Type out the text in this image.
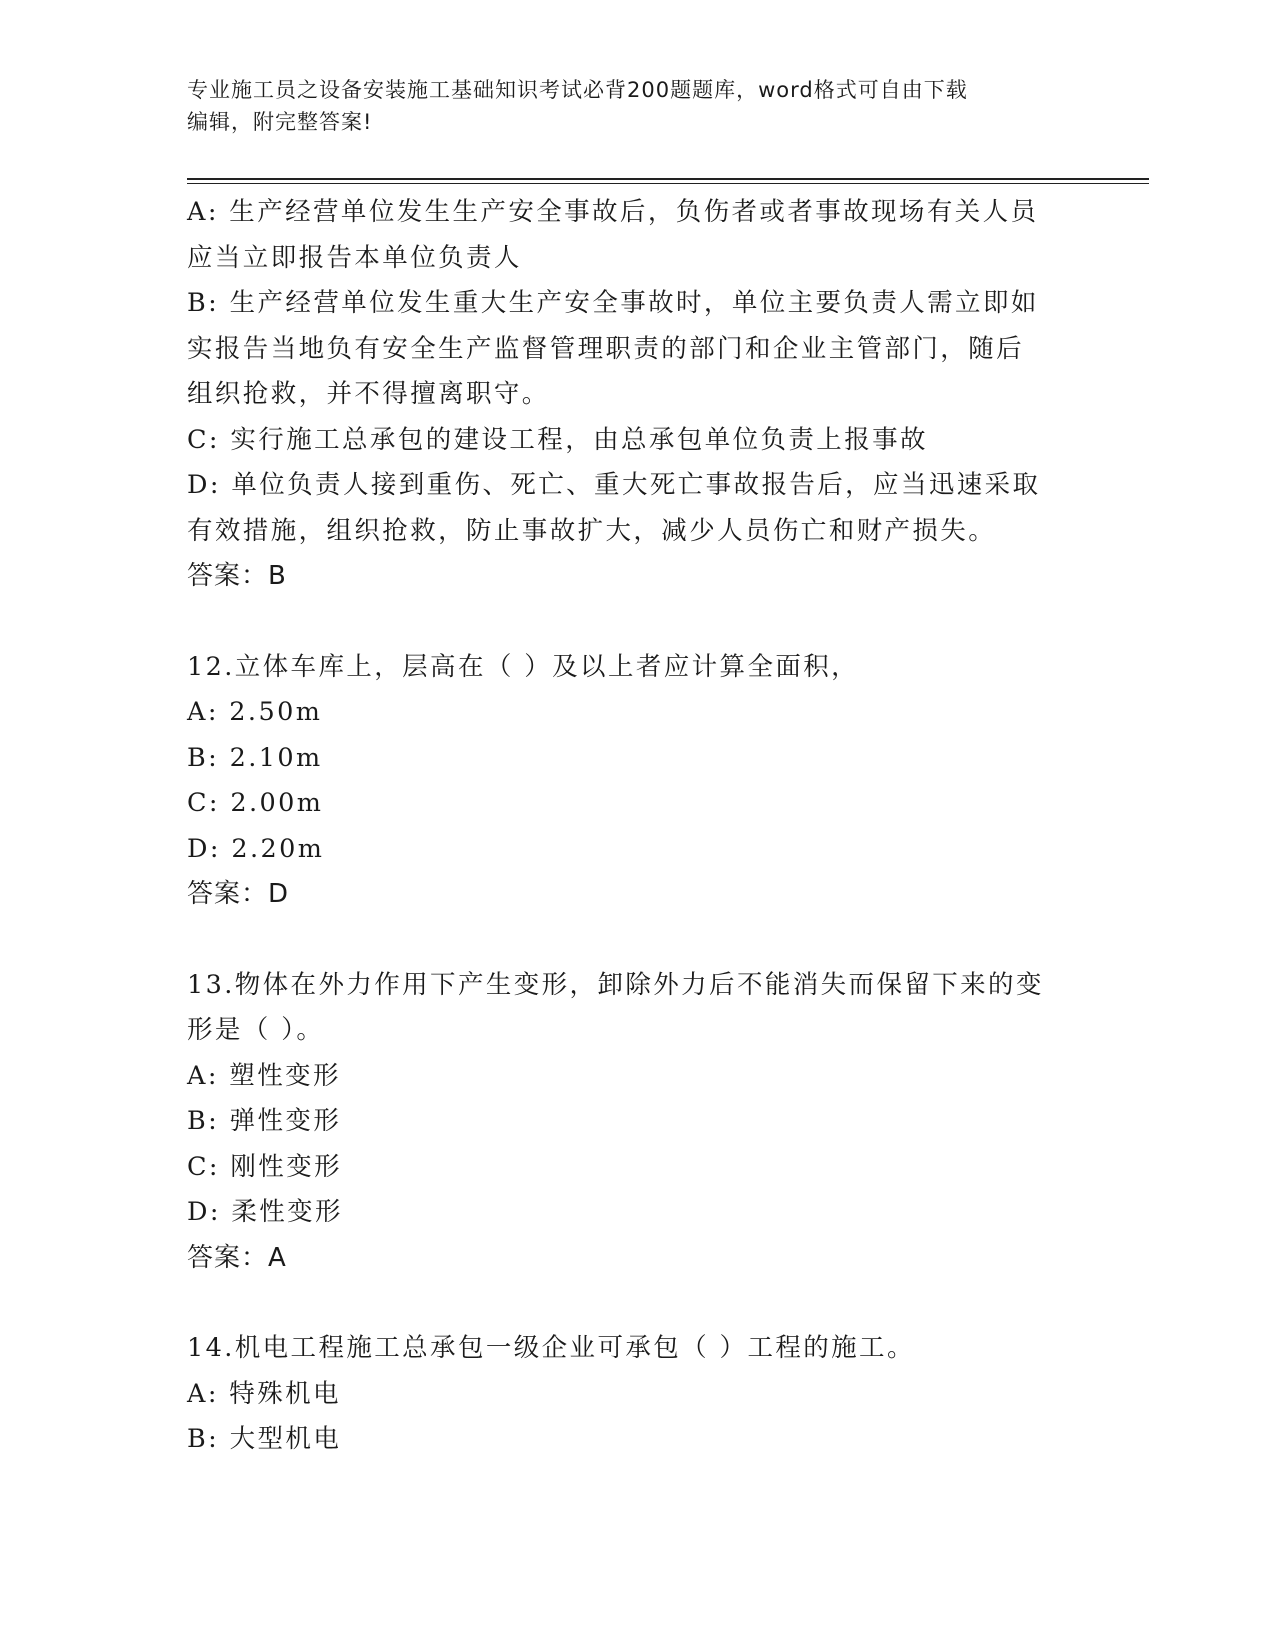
专业施工员之设备安装施工基础知识考试必背200题题库，word格式可自由下载
编辑，附完整答案!
A: 生产经营单位发生生产安全事故后，负伤者或者事故现场有关人员
应当立即报告本单位负责人
B: 生产经营单位发生重大生产安全事故时，单位主要负责人需立即如
实报告当地负有安全生产监督管理职责的部门和企业主管部门，随后
组织抢救，并不得擅离职守。
C: 实行施工总承包的建设工程，由总承包单位负责上报事故
D: 单位负责人接到重伤、死亡、重大死亡事故报告后，应当迅速采取
有效措施，组织抢救，防止事故扩大，减少人员伤亡和财产损失。
答案：B
12.立体车库上，层高在（ ）及以上者应计算全面积，
A: 2.50m
B: 2.10m
C: 2.00m
D: 2.20m
答案：D
13.物体在外力作用下产生变形，卸除外力后不能消失而保留下来的变
形是（ ）。
A: 塑性变形
B: 弹性变形
C: 刚性变形
D: 柔性变形
答案：A
14.机电工程施工总承包一级企业可承包（ ）工程的施工。
A: 特殊机电
B: 大型机电
